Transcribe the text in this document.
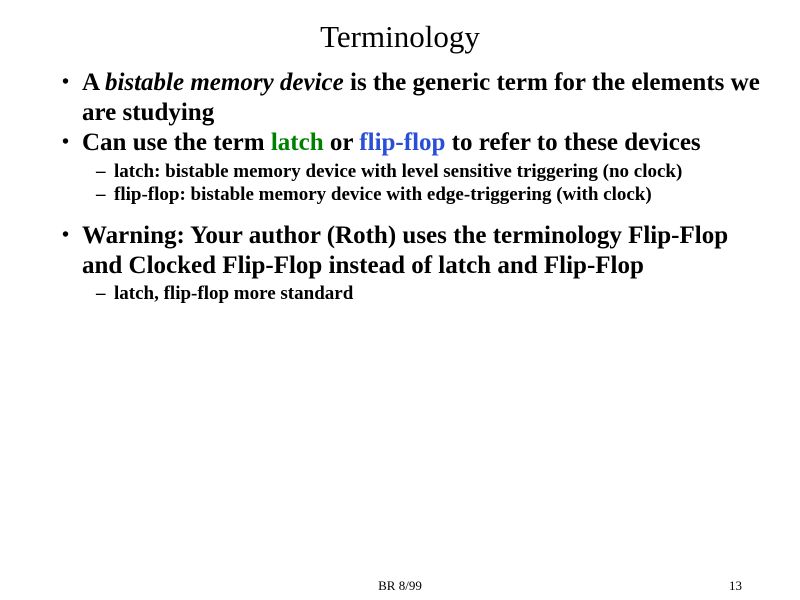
Terminology
• A bistable memory device is the generic term for the elements we are studying
• Can use the term latch or flip-flop to refer to these devices
– latch: bistable memory device with level sensitive triggering (no clock)
– flip-flop: bistable memory device with edge-triggering (with clock)
• Warning: Your author (Roth) uses the terminology Flip-Flop and Clocked Flip-Flop instead of latch and Flip-Flop
– latch, flip-flop more standard
BR 8/99	13
